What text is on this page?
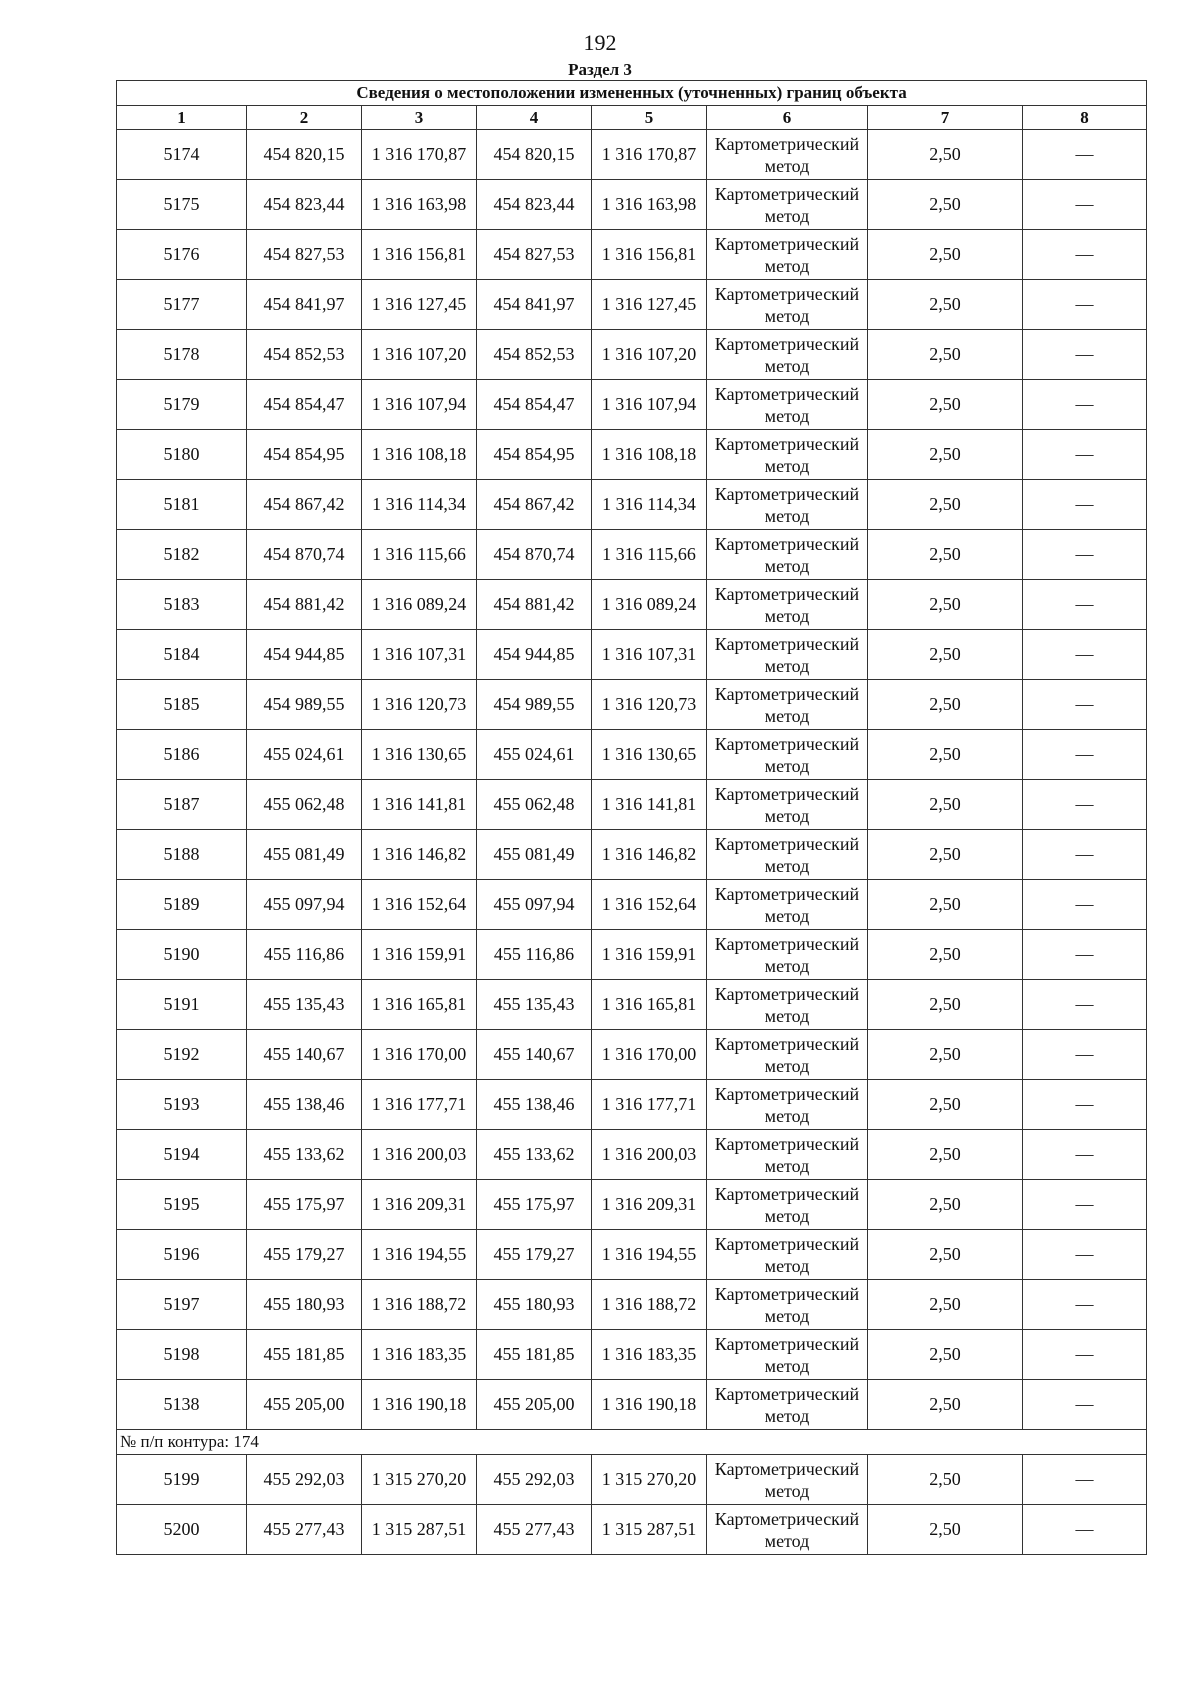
192
Раздел 3
Сведения о местоположении измененных (уточненных) границ объекта							
1	2	3	4	5	6	7	8
5174	454 820,15	1 316 170,87	454 820,15	1 316 170,87	Картометрический метод	2,50	—
5175	454 823,44	1 316 163,98	454 823,44	1 316 163,98	Картометрический метод	2,50	—
5176	454 827,53	1 316 156,81	454 827,53	1 316 156,81	Картометрический метод	2,50	—
5177	454 841,97	1 316 127,45	454 841,97	1 316 127,45	Картометрический метод	2,50	—
5178	454 852,53	1 316 107,20	454 852,53	1 316 107,20	Картометрический метод	2,50	—
5179	454 854,47	1 316 107,94	454 854,47	1 316 107,94	Картометрический метод	2,50	—
5180	454 854,95	1 316 108,18	454 854,95	1 316 108,18	Картометрический метод	2,50	—
5181	454 867,42	1 316 114,34	454 867,42	1 316 114,34	Картометрический метод	2,50	—
5182	454 870,74	1 316 115,66	454 870,74	1 316 115,66	Картометрический метод	2,50	—
5183	454 881,42	1 316 089,24	454 881,42	1 316 089,24	Картометрический метод	2,50	—
5184	454 944,85	1 316 107,31	454 944,85	1 316 107,31	Картометрический метод	2,50	—
5185	454 989,55	1 316 120,73	454 989,55	1 316 120,73	Картометрический метод	2,50	—
5186	455 024,61	1 316 130,65	455 024,61	1 316 130,65	Картометрический метод	2,50	—
5187	455 062,48	1 316 141,81	455 062,48	1 316 141,81	Картометрический метод	2,50	—
5188	455 081,49	1 316 146,82	455 081,49	1 316 146,82	Картометрический метод	2,50	—
5189	455 097,94	1 316 152,64	455 097,94	1 316 152,64	Картометрический метод	2,50	—
5190	455 116,86	1 316 159,91	455 116,86	1 316 159,91	Картометрический метод	2,50	—
5191	455 135,43	1 316 165,81	455 135,43	1 316 165,81	Картометрический метод	2,50	—
5192	455 140,67	1 316 170,00	455 140,67	1 316 170,00	Картометрический метод	2,50	—
5193	455 138,46	1 316 177,71	455 138,46	1 316 177,71	Картометрический метод	2,50	—
5194	455 133,62	1 316 200,03	455 133,62	1 316 200,03	Картометрический метод	2,50	—
5195	455 175,97	1 316 209,31	455 175,97	1 316 209,31	Картометрический метод	2,50	—
5196	455 179,27	1 316 194,55	455 179,27	1 316 194,55	Картометрический метод	2,50	—
5197	455 180,93	1 316 188,72	455 180,93	1 316 188,72	Картометрический метод	2,50	—
5198	455 181,85	1 316 183,35	455 181,85	1 316 183,35	Картометрический метод	2,50	—
5138	455 205,00	1 316 190,18	455 205,00	1 316 190,18	Картометрический метод	2,50	—
№ п/п контура: 174							
5199	455 292,03	1 315 270,20	455 292,03	1 315 270,20	Картометрический метод	2,50	—
5200	455 277,43	1 315 287,51	455 277,43	1 315 287,51	Картометрический метод	2,50	—
